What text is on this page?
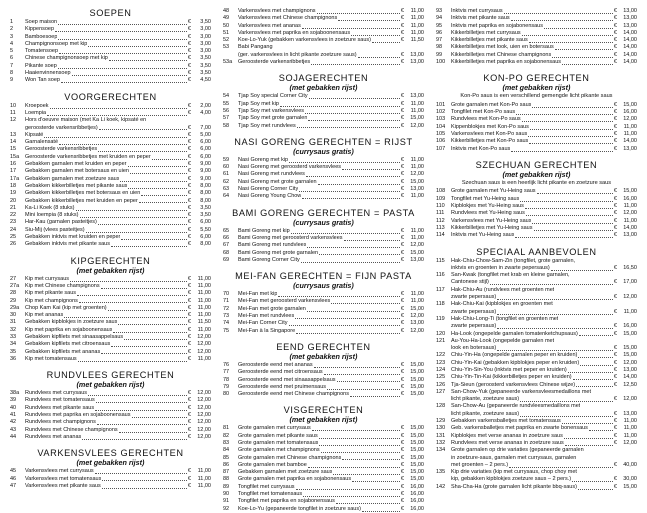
SOEPEN
1	Soep maison	€	3,50
2	Kippensoep	€	3,00
3	Bamboesoep	€	3,00
4	Champignonsoep met kip	€	3,00
5	Tomatensoep	€	3,00
6	Chinese champignonsoep met kip	€	3,50
7	Pikante soep	€	3,50
8	Haaienvinnensoep	€	3,50
9	Won Tan soep	€	4,50
VOORGERECHTEN
10	Kroepoek	€	2,00
11	Loempia	€	4,00
12	Hors d'oeuvre maison (met Ka Li koek, kipsaté en
geroosterde varkensribbetjes)	€	7,00
13	Kipsaté	€	5,00
14	Garnalensaté	€	6,00
15	Geroosterde varkensribbetjes	€	6,00
15a	Geroosterde varkensribbetjes met kruiden en peper	€	6,00
16	Gebakken garnalen met kruiden en peper	€	9,00
17	Gebakken garnalen met botersaus en uien	€	9,00
17a	Gebakken garnalen met zoetzure saus	€	9,00
18	Gebakken kikkerbilletjes met pikante saus	€	8,00
19	Gebakken kikkerbilletjes met botersaus en uien	€	8,00
20	Gebakken kikkerbilletjes met kruiden en peper	€	8,00
21	Ka-Li Koek (8 stuks)	€	3,50
22	Mini loempia (8 stuks)	€	3,50
23	Har-Kau (garnalen pasteitjes)	€	6,00
24	Siu-Mij (vlees pasteitjes)	€	5,50
25	Gebakken inktvis met kruiden en peper	€	6,00
26	Gebakken inktvis met pikante saus	€	8,00
KIPGERECHTEN
(met gebakken rijst)
27	Kip met currysaus	€	11,00
27a	Kip met Chinese champignons	€	11,00
28	Kip met pikante saus	€	11,00
29	Kip met champignons	€	11,00
29a	Chop Kam Kai (kip met groenten)	€	11,00
30	Kip met ananas	€	11,00
31	Gebakken kipblokjes in zoetzure saus	€	11,50
32	Kip met paprika en sojaboonensaus	€	11,00
33	Gebakken kipfilets met sinaasappelsaus	€	12,00
34	Gebakken kipfilets met citroensaus	€	12,00
35	Gebakken kipfilets met ananas	€	12,00
36	Kip met tomatensaus	€	11,00
RUNDVLEES GERECHTEN
(met gebakken rijst)
38a	Rundvlees met currysaus	€	12,00
39	Rundvlees met tomatensaus	€	12,00
40	Rundvlees met pikante saus	€	12,00
41	Rundvlees met paprika en sojaboonensaus	€	12,00
42	Rundvlees met champignons	€	12,00
43	Rundvlees met Chinese champignons	€	12,00
44	Rundvlees met ananas	€	12,00
VARKENSVLEES GERECHTEN
(met gebakken rijst)
45	Varkensvlees met currysaus	€	11,00
46	Varkensvlees met tomatensaus	€	11,00
47	Varkensvlees met pikante saus	€	11,00
48	Varkensvlees met champignons	€	11,00
49	Varkensvlees met Chinese champignons	€	11,00
50	Varkensvlees met ananas	€	11,00
51	Varkensvlees met paprika en sojaboonensaus	€	11,00
52	Koe-Lo-Yuk (gebakken varkensvlees in zoetzure saus)	€	11,50
53	Babi Pangang
(ger. varkensvlees in licht pikante zoetzure saus)	€	13,00
53a	Geroosterde varkensribbetjes	€	13,00
SOJAGERECHTEN
(met gebakken rijst)
54	Tjap Soy special Corner City	€	13,00
55	Tjap Soy met kip	€	11,00
56	Tjap Soy met varkensvlees	€	11,00
57	Tjap Soy met grote garnalen	€	15,00
58	Tjap Soy met rundvlees	€	12,00
NASI GORENG GERECHTEN = RIJST
(currysaus gratis)
59	Nasi Goreng met kip	€	11,00
60	Nasi Goreng met geroosterd varkensvlees	€	11,00
61	Nasi Goreng met rundvlees	€	12,00
62	Nasi Goreng met grote garnalen	€	15,00
63	Nasi Goreng Corner City	€	13,00
64	Nasi Goreng Young Chow	€	11,00
BAMI GORENG GERECHTEN = PASTA
(currysaus gratis)
65	Bami Goreng met kip	€	11,00
66	Bami Goreng met geroosterd varkensvlees	€	11,00
67	Bami Goreng met rundvlees	€	12,00
68	Bami Goreng met grote garnalen	€	15,00
69	Bami Goreng Corner City	€	13,00
MEI-FAN GERECHTEN = FIJN PASTA
(currysaus gratis)
70	Mei-Fan met kip	€	11,00
71	Mei-Fan met geroosterd varkensvlees	€	11,00
72	Mei-Fan met grote garnalen	€	15,00
73	Mei-Fan met rundvlees	€	12,00
74	Mei-Fan Corner City	€	13,00
75	Mei-Fan à la Singapore	€	12,00
EEND GERECHTEN
(met gebakken rijst)
76	Geroosterde eend met ananas	€	15,00
77	Geroosterde eend met citroensaus	€	15,00
78	Geroosterde eend met sinaasappelsaus	€	15,00
79	Geroosterde eend met pruimensaus	€	15,00
80	Geroosterde eend met Chinese champignons	€	15,00
VISGERECHTEN
(met gebakken rijst)
81	Grote garnalen met currysaus	€	15,00
82	Grote garnalen met pikante saus	€	15,00
83	Grote garnalen met tomatensaus	€	15,00
84	Grote garnalen met champignons	€	15,00
85	Grote garnalen met Chinese champignons	€	15,00
86	Grote garnalen met bamboe	€	15,00
87	Gebakken garnalen met zoetzure saus	€	15,00
88	Grote garnalen met paprika en sojabonensaus	€	15,00
89	Tongfilet met currysaus	€	16,00
90	Tongfilet met tomatensaus	€	16,00
91	Tongfilet met paprika en sojabonensaus	€	16,00
92	Koe-Lo-Yu (gepaneerde tongfilet in zoetzure saus)	€	16,00
93	Inktvis met currysaus	€	13,00
94	Inktvis met pikante saus	€	13,00
95	Inktvis met paprika en sojabonensaus	€	13,00
96	Kikkerbilletjes met currysaus	€	14,00
97	Kikkerbilletjes met pikante saus	€	14,00
98	Kikkerbilletjes met look, uien en botersaus	€	14,00
99	Kikkerbilletjes met Chinese champignons	€	14,00
100	Kikkerbilletjes met paprika en sojabonensaus	€	14,00
KON-PO GERECHTEN
(met gebakken rijst)
Kon-Po saus is een verschillend gemengde licht pikante saus
101	Grote garnalen met Kon-Po saus	€	15,00
102	Tongfilet met Kon-Po saus	€	16,00
103	Rundvlees met Kon-Po saus	€	12,00
104	Kippenblokjes met Kon-Po saus	€	11,00
105	Varkensvlees met Kon-Po saus	€	11,00
106	Kikkerbilletjes met Kon-Po saus	€	14,00
107	Inktvis met Kon-Po saus	€	13,00
SZECHUAN GERECHTEN
(met gebakken rijst)
Szechuan saus is een heerlijk licht pikante en zoetzure saus
108	Grote garnalen met Yu-Heing saus	€	15,00
109	Tongfilet met Yu-Heing saus	€	16,00
110	Kipblokjes met Yu-Heing saus	€	11,00
111	Rundvlees met Yu-Heing saus	€	12,00
112	Varkensvlees met Yu-Heing saus	€	11,00
113	Kikkerbilletjes met Yu-Heing saus	€	14,00
114	Inktvis met Yu-Heing saus	€	13,00
SPECIAAL AANBEVOLEN
115	Hak-Chiu-Chow-Sam-Zin (tongfilet, grote garnalen,
inktvis en groenten in zwarte pepersaus)	€	16,50
116	San-Kwak (tongfilet met krab en kleine garnalen,
Cantonese stijl)	€	17,00
117	Hak-Chiu-Au (rundvlees met groenten met
zwarte pepersaus)	€	12,00
118	Hak-Chiu-Kai (kipblokjes en groenten met
zwarte pepersaus)	€	11,00
119	Hak-Chiu-Long-Ti (tongfilet en groenten met
zwarte pepersaus)	€	16,00
120	Ha-Look (ongepelde garnalen tomatenketchupsaus)	€	15,00
121	Au-You-Ha-Look (ongepelde garnalen met
look en botersaus)	€	15,00
122	Chiu-Yin-Ha (ongepelde garnalen peper en kruiden)	€	15,00
123	Chiu-Yin-Kai (gebakken kipblokjes peper en kruiden)	€	12,00
124	Chiu-Yin-Sin-You (inktvis met peper en kruiden)	€	13,00
125	Chiu-Yin-Tin-Kai (kikkerbilletjes peper en kruiden)	€	14,00
126	Tja-Sieun (geroosterd varkensvlees Chinese wijze)	€	12,50
127	San-Chow-Yuk (gepaneerde varkensvleesmedaillons met
licht pikante, zoetzure saus)	€	12,00
128	San-Chow-Au (gepaneerde rundvleesmedaillons met
licht pikante, zoetzure saus)	€	13,00
129	Gebakken varkensballetjes met tomatensaus	€	11,00
130	Geb. varkensballetjes met paprika en zwarte bonensaus	€	11,00
131	Kipblokjes met verse ananas in zoetzure saus	€	11,00
132	Rundvlees met verse ananas in zoetzure saus	€	12,00
134	Grote garnalen op drie variaties (gepaneerde garnalen
in zoetzure-saus, garnalen met currysaus, garnalen
met groenten – 2 pers.)	€	40,00
135	Kip drie variaties (kip met currysaus, chop choy met
kip, gebakken kipblokjes zoetzure saus – 2 pers.)	€	30,00
142	Sha-Cha-Ha (grote garnalen licht pikante bbq-saus)	€	15,00
